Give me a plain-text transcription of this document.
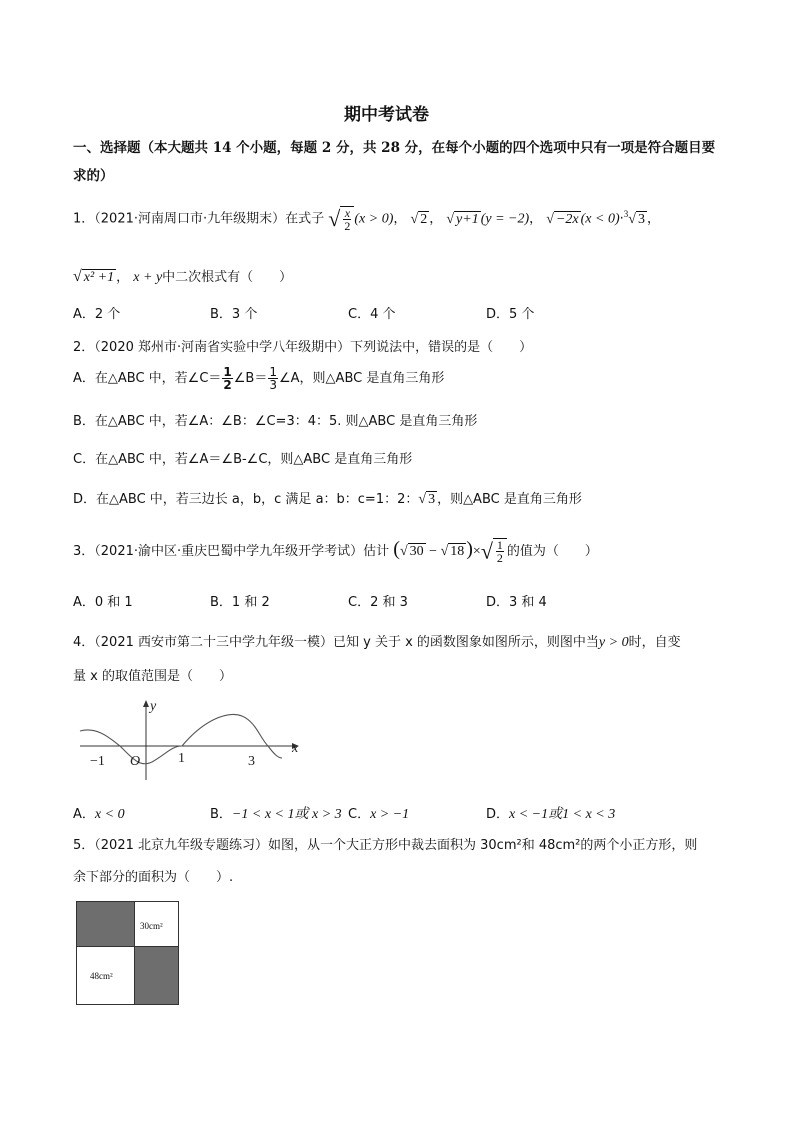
期中考试卷
一、选择题（本大题共 14 个小题，每题 2 分，共 28 分，在每个小题的四个选项中只有一项是符合题目要
求的）
1．（2021·河南周口市·九年级期末）在式子 √ $\frac{x}{2} (x > 0)$， √ 2 ， √ y+1 (y = −2)， √ −2x (x < 0)·$^3$√ 3 ，
√ x² +1 ， x + y中二次根式有（　　）
A．2 个	B．3 个	C．4 个	D．5 个
2．（2020 郑州市·河南省实验中学八年级期中）下列说法中，错误的是（　　）
A．在△ABC 中，若∠C＝ $\frac{1}{2}$ ∠B＝ $\frac{1}{3}$ ∠A，则△ABC 是直角三角形
B．在△ABC 中，若∠A：∠B：∠C=3：4：5. 则△ABC 是直角三角形
C．在△ABC 中，若∠A＝∠B-∠C，则△ABC 是直角三角形
D．在△ABC 中，若三边长 a，b，c 满足 a：b：c=1：2：√ 3 ，则△ABC 是直角三角形
3．（2021·渝中区·重庆巴蜀中学九年级开学考试）估计 (√ 30 − √ 18 )×√ $\frac{1}{2}$ 的值为（　　）
A．0 和 1	B．1 和 2	C．2 和 3	D．3 和 4
4．（2021 西安市第二十三中学九年级一模）已知 y 关于 x 的函数图象如图所示，则图中当y > 0时，自变
量 x 的取值范围是（　　）
y
x
−1 O	1	3
A．x < 0	B．−1 < x < 1或 x > 3 C．x > −1	D．x < −1或1 < x < 3
5．（2021 北京九年级专题练习）如图，从一个大正方形中裁去面积为 30cm²和 48cm²的两个小正方形，则
余下部分的面积为（　　）.
30cm²
48cm²
